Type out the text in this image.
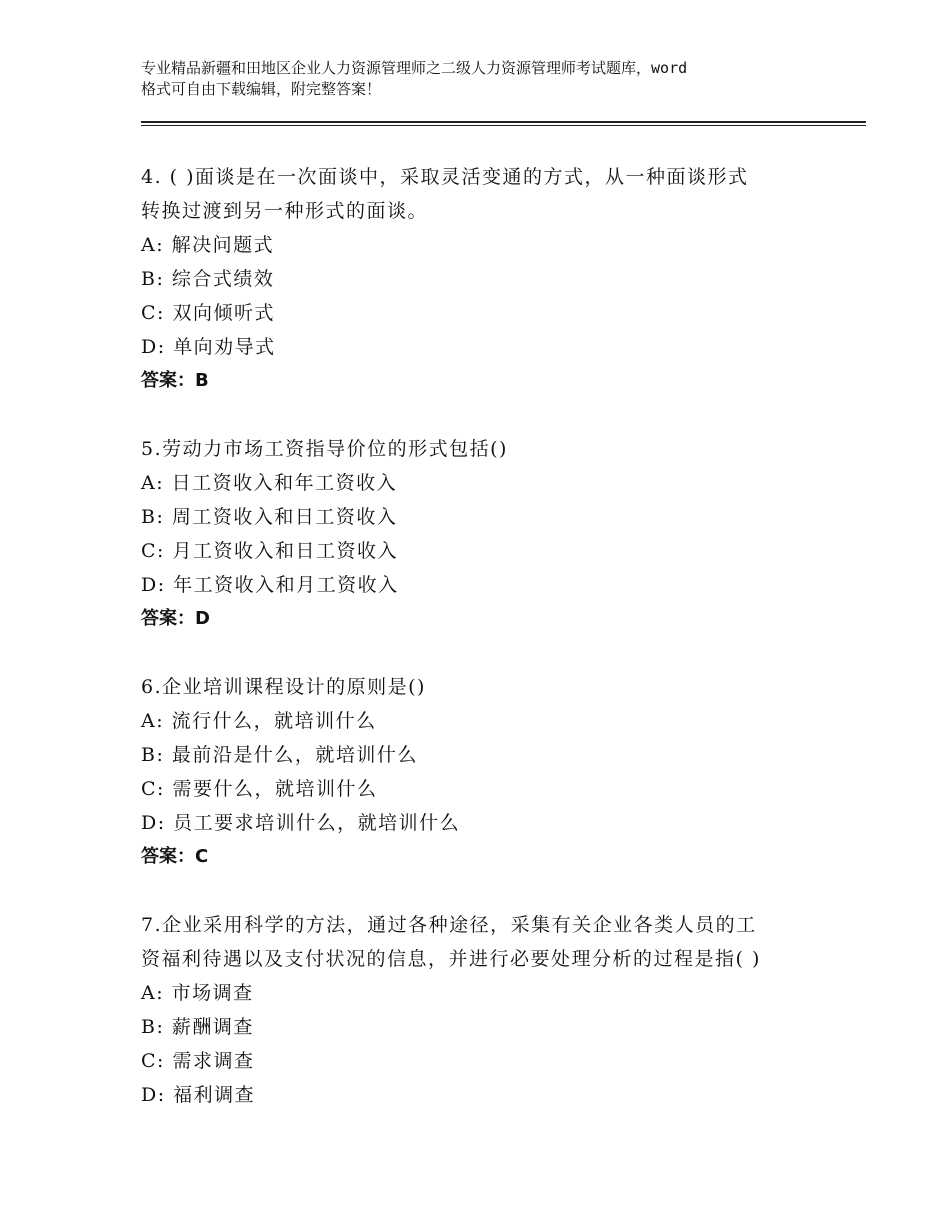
专业精品新疆和田地区企业人力资源管理师之二级人力资源管理师考试题库，word
格式可自由下载编辑，附完整答案！
4. ( )面谈是在一次面谈中，采取灵活变通的方式，从一种面谈形式
转换过渡到另一种形式的面谈。
A: 解决问题式
B: 综合式绩效
C: 双向倾听式
D: 单向劝导式
答案：B
5.劳动力市场工资指导价位的形式包括()
A: 日工资收入和年工资收入
B: 周工资收入和日工资收入
C: 月工资收入和日工资收入
D: 年工资收入和月工资收入
答案：D
6.企业培训课程设计的原则是()
A: 流行什么，就培训什么
B: 最前沿是什么，就培训什么
C: 需要什么，就培训什么
D: 员工要求培训什么，就培训什么
答案：C
7.企业采用科学的方法，通过各种途径，采集有关企业各类人员的工
资福利待遇以及支付状况的信息，并进行必要处理分析的过程是指( )
A: 市场调查
B: 薪酬调查
C: 需求调查
D: 福利调查
